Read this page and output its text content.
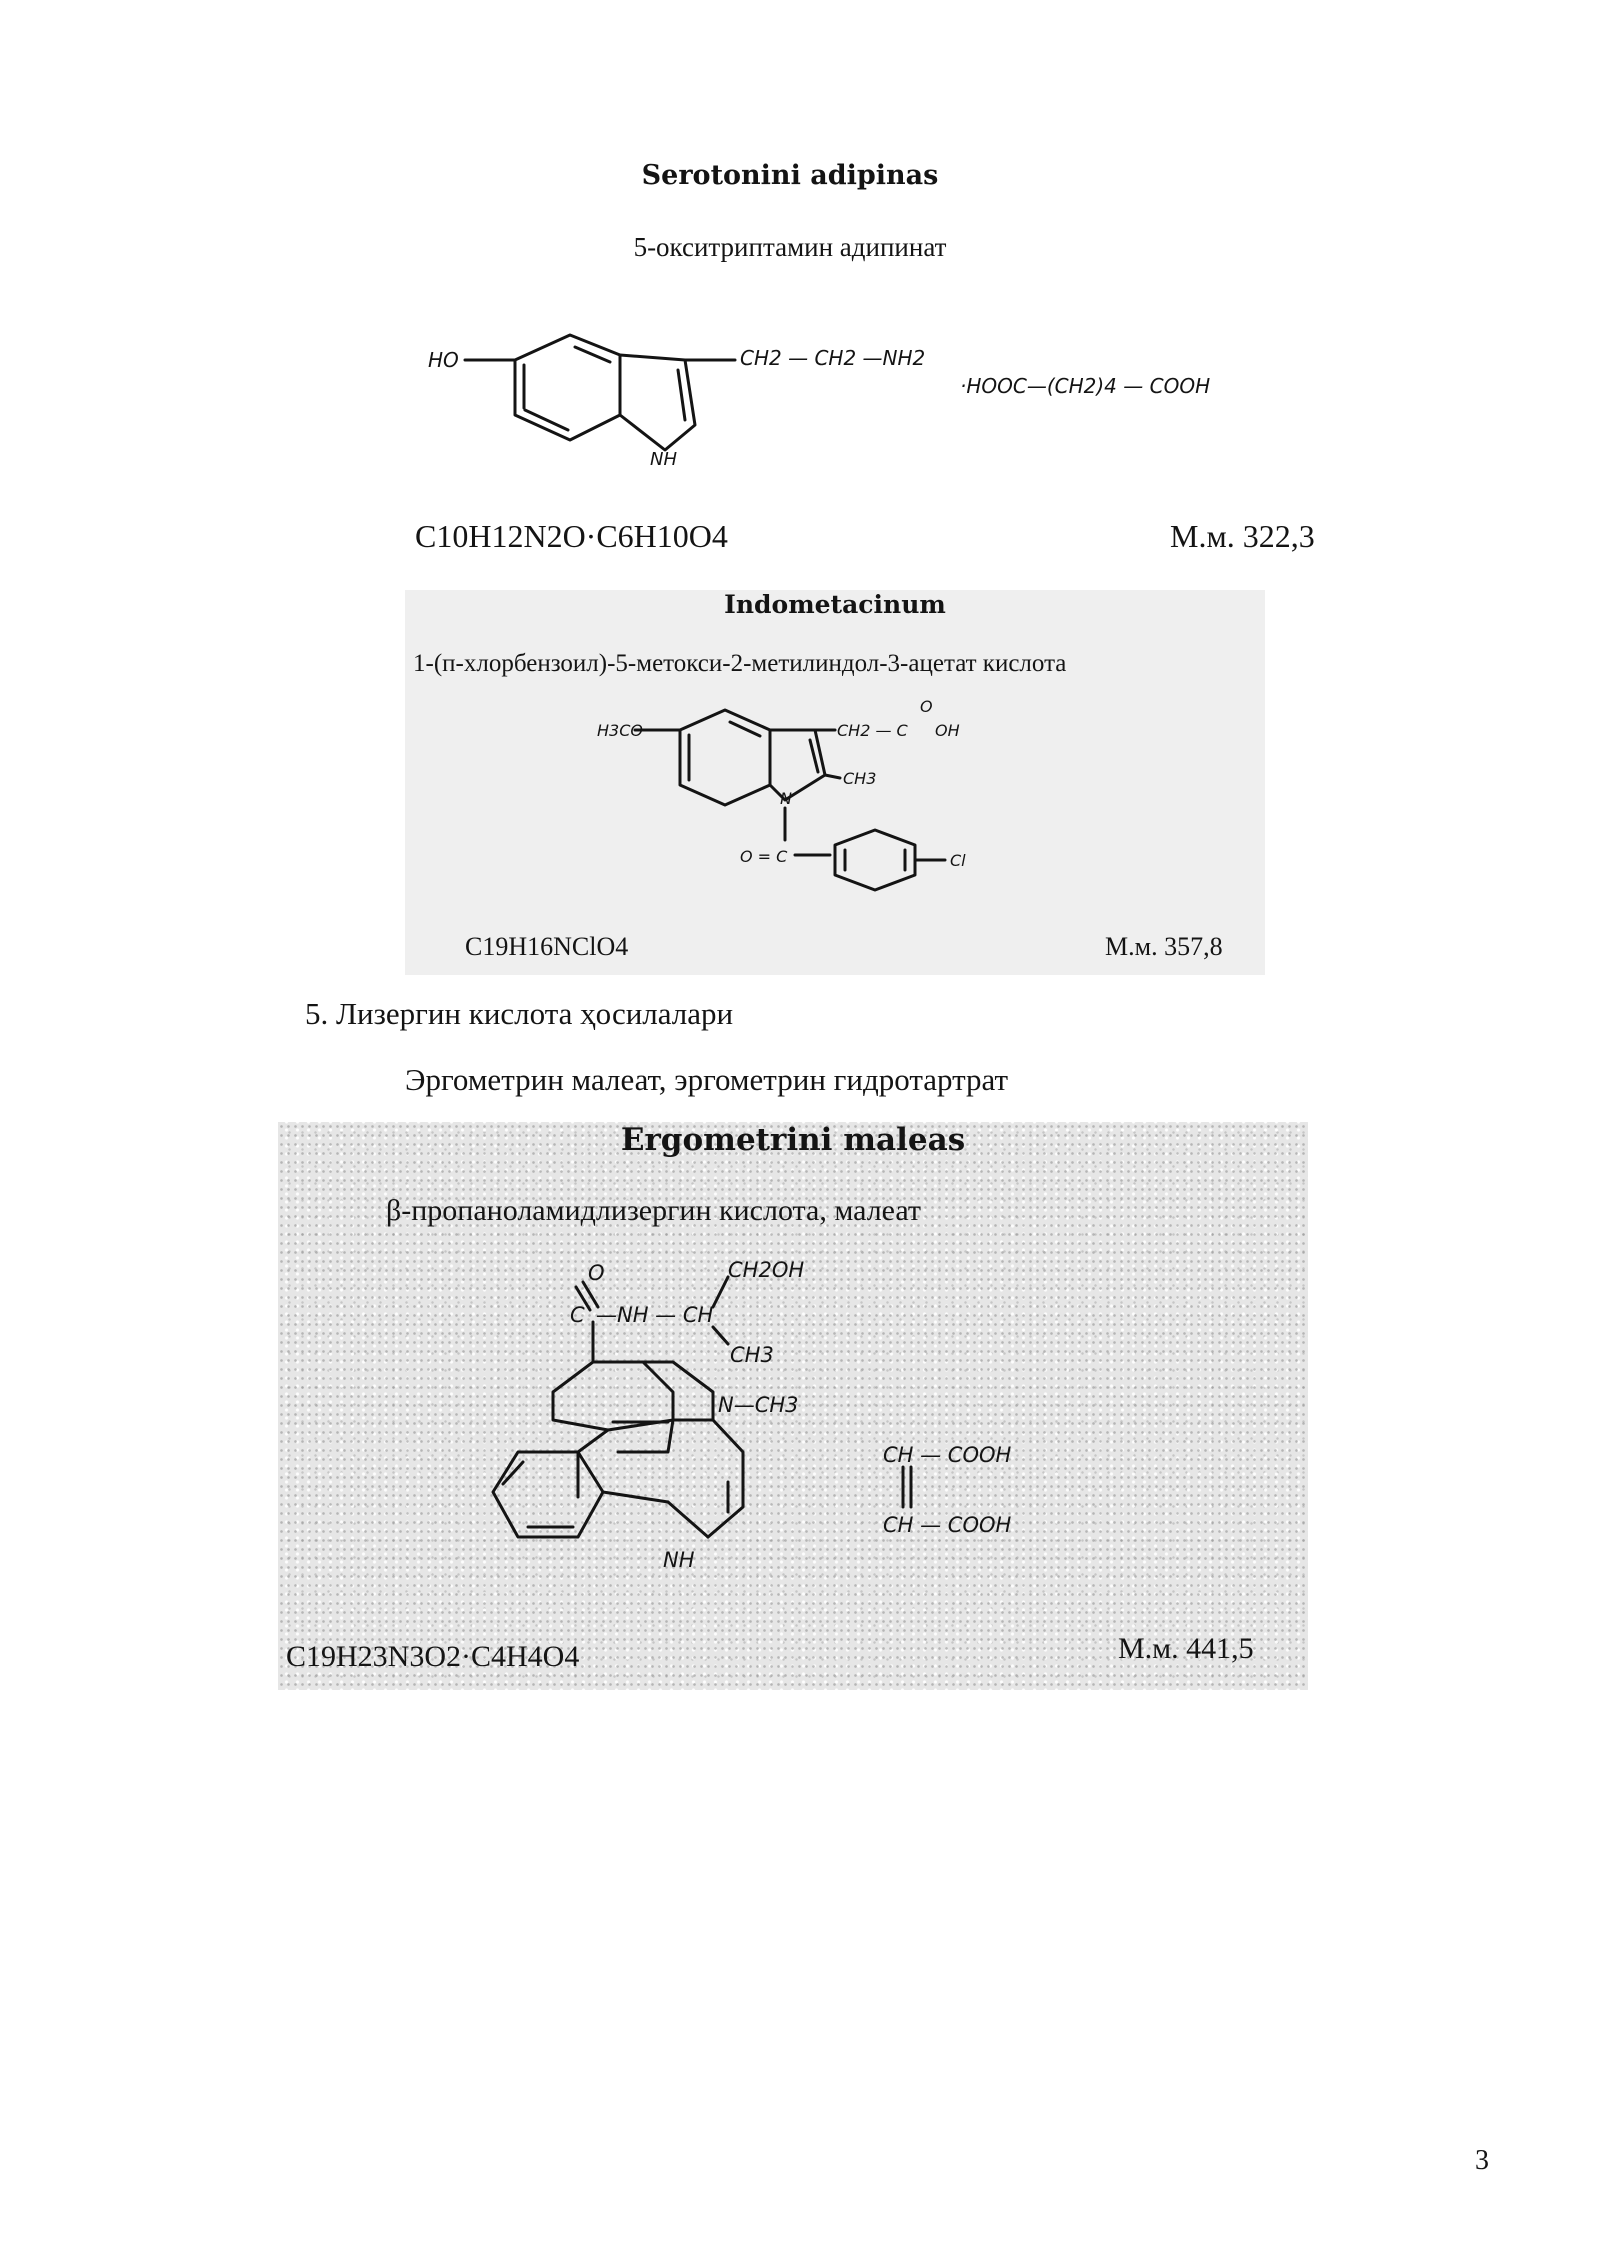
Serotonini adipinas
5-окситриптамин адипинат
HO
NH
CH2 — CH2 —NH2
·HOOC—(CH2)4 — COOH
C10H12N2O·C6H10O4	М.м. 322,3
Indometacinum
1-(п-хлорбензоил)-5-метокси-2-метилиндол-3-ацетат кислота
H3CO	CH2 — C
O
OH
CH3
N
O = C	Cl
C19H16NClO4	М.м. 357,8
5. Лизергин кислота ҳосилалари
Эргометрин малеат, эргометрин гидротартрат
Ergometrini maleas
β-пропаноламидлизергин кислота, малеат
O
C —NH — CH
CH2OH
CH3
N—CH3
NH
CH — COOH
CH — COOH
C19H23N3O2·C4H4O4	М.м. 441,5
3
